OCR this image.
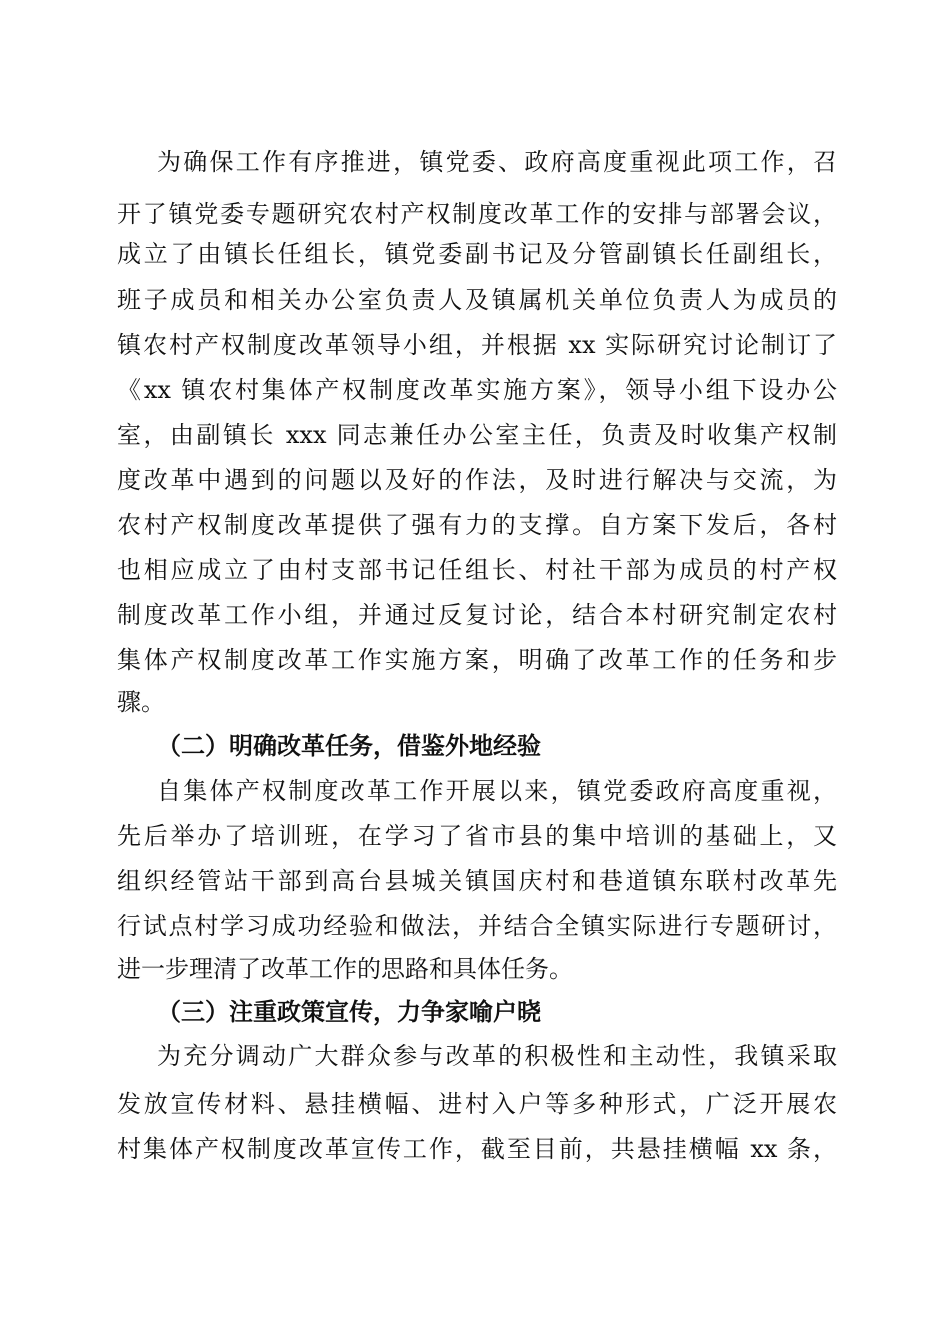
为确保工作有序推进，镇党委、政府高度重视此项工作，召
开了镇党委专题研究农村产权制度改革工作的安排与部署会议，
成立了由镇长任组长，镇党委副书记及分管副镇长任副组长，
班子成员和相关办公室负责人及镇属机关单位负责人为成员的
镇农村产权制度改革领导小组，并根据 xx 实际研究讨论制订了
《xx 镇农村集体产权制度改革实施方案》，领导小组下设办公
室，由副镇长 xxx 同志兼任办公室主任，负责及时收集产权制
度改革中遇到的问题以及好的作法，及时进行解决与交流，为
农村产权制度改革提供了强有力的支撑。自方案下发后，各村
也相应成立了由村支部书记任组长、村社干部为成员的村产权
制度改革工作小组，并通过反复讨论，结合本村研究制定农村
集体产权制度改革工作实施方案，明确了改革工作的任务和步
骤。
（二）明确改革任务，借鉴外地经验
自集体产权制度改革工作开展以来，镇党委政府高度重视，
先后举办了培训班，在学习了省市县的集中培训的基础上，又
组织经管站干部到高台县城关镇国庆村和巷道镇东联村改革先
行试点村学习成功经验和做法，并结合全镇实际进行专题研讨，
进一步理清了改革工作的思路和具体任务。
（三）注重政策宣传，力争家喻户晓
为充分调动广大群众参与改革的积极性和主动性，我镇采取
发放宣传材料、悬挂横幅、进村入户等多种形式，广泛开展农
村集体产权制度改革宣传工作，截至目前，共悬挂横幅 xx 条，
